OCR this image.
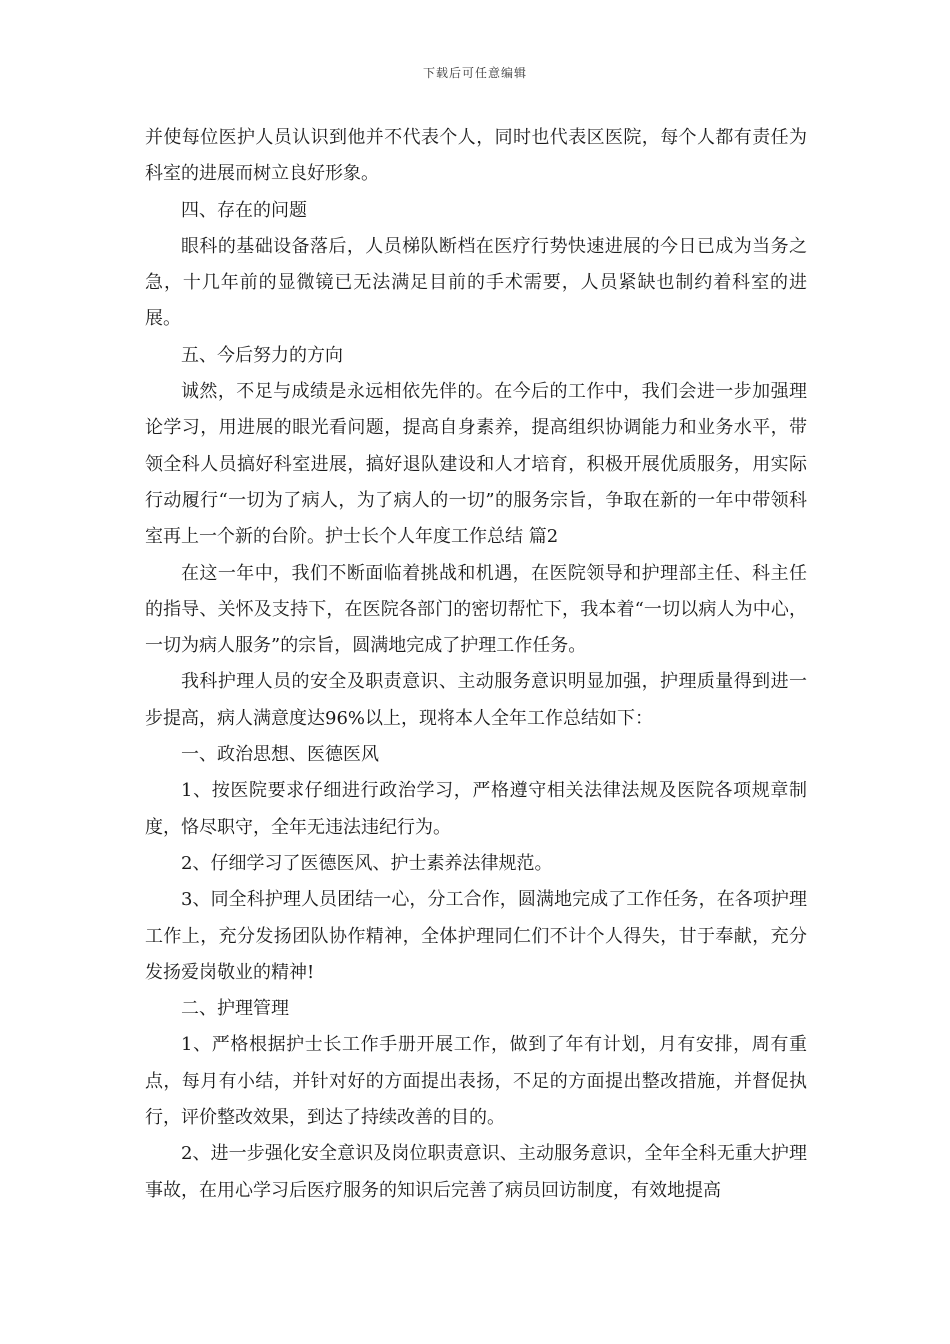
下载后可任意编辑

并使每位医护人员认识到他并不代表个人，同时也代表区医院，每个人都有责任为科室的进展而树立良好形象。

四、存在的问题

眼科的基础设备落后，人员梯队断档在医疗行势快速进展的今日已成为当务之急，十几年前的显微镜已无法满足目前的手术需要，人员紧缺也制约着科室的进展。

五、今后努力的方向

诚然，不足与成绩是永远相依先伴的。在今后的工作中，我们会进一步加强理论学习，用进展的眼光看问题，提高自身素养，提高组织协调能力和业务水平，带领全科人员搞好科室进展，搞好退队建设和人才培育，积极开展优质服务，用实际行动履行“一切为了病人，为了病人的一切”的服务宗旨，争取在新的一年中带领科室再上一个新的台阶。护士长个人年度工作总结 篇2

在这一年中，我们不断面临着挑战和机遇，在医院领导和护理部主任、科主任的指导、关怀及支持下，在医院各部门的密切帮忙下，我本着“一切以病人为中心，一切为病人服务”的宗旨，圆满地完成了护理工作任务。

我科护理人员的安全及职责意识、主动服务意识明显加强，护理质量得到进一步提高，病人满意度达96%以上，现将本人全年工作总结如下：

一、政治思想、医德医风

1、按医院要求仔细进行政治学习，严格遵守相关法律法规及医院各项规章制度，恪尽职守，全年无违法违纪行为。

2、仔细学习了医德医风、护士素养法律规范。

3、同全科护理人员团结一心，分工合作，圆满地完成了工作任务，在各项护理工作上，充分发扬团队协作精神，全体护理同仁们不计个人得失，甘于奉献，充分发扬爱岗敬业的精神!

二、护理管理

1、严格根据护士长工作手册开展工作，做到了年有计划，月有安排，周有重点，每月有小结，并针对好的方面提出表扬，不足的方面提出整改措施，并督促执行，评价整改效果，到达了持续改善的目的。

2、进一步强化安全意识及岗位职责意识、主动服务意识，全年全科无重大护理事故，在用心学习后医疗服务的知识后完善了病员回访制度，有效地提高
